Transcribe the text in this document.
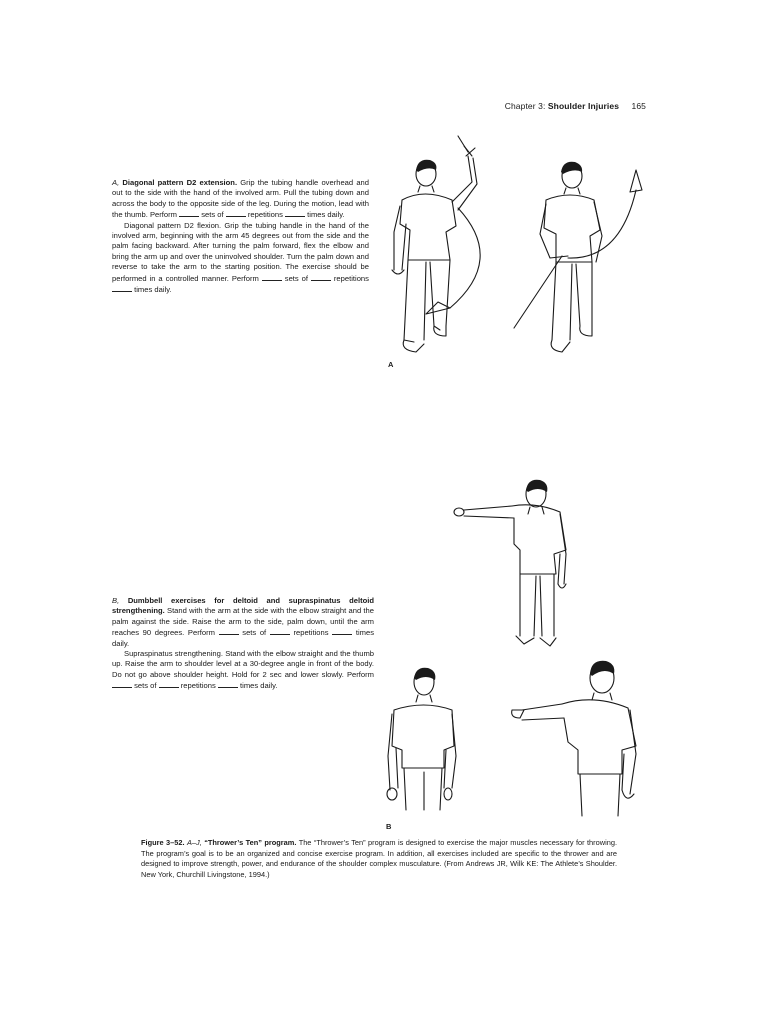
Chapter 3: Shoulder Injuries 165

A, Diagonal pattern D2 extension. Grip the tubing handle overhead and out to the side with the hand of the involved arm. Pull the tubing down and across the body to the opposite side of the leg. During the motion, lead with the thumb. Perform	sets of	repetitions	times daily.

Diagonal pattern D2 flexion. Grip the tubing handle in the hand of the involved arm, beginning with the arm 45 degrees out from the side and the palm facing backward. After turning the palm forward, flex the elbow and bring the arm up and over the uninvolved shoulder. Turn the palm down and reverse to take the arm to the starting position. The exercise should be performed in a controlled manner. Perform	sets of	repetitions  times daily.

A

B, Dumbbell exercises for deltoid and supraspinatus deltoid strengthening. Stand with the arm at the side with the elbow straight and the palm against the side. Raise the arm to the side, palm down, until the arm reaches 90 degrees. Perform	sets of	repetitions	times daily.

Supraspinatus strengthening. Stand with the elbow straight and the thumb up. Raise the arm to shoulder level at a 30-degree angle in front of the body. Do not go above shoulder height. Hold for 2 sec and lower slowly. Perform  sets of	repetitions	times daily.

B
Figure 3–52. A–J, “Thrower’s Ten” program. The “Thrower’s Ten” program is designed to exercise the major muscles necessary for throwing. The program’s goal is to be an organized and concise exercise program. In addition, all exercises included are specific to the thrower and are designed to improve strength, power, and endurance of the shoulder complex musculature. (From Andrews JR, Wilk KE: The Athlete’s Shoulder. New York, Churchill Livingstone, 1994.)
